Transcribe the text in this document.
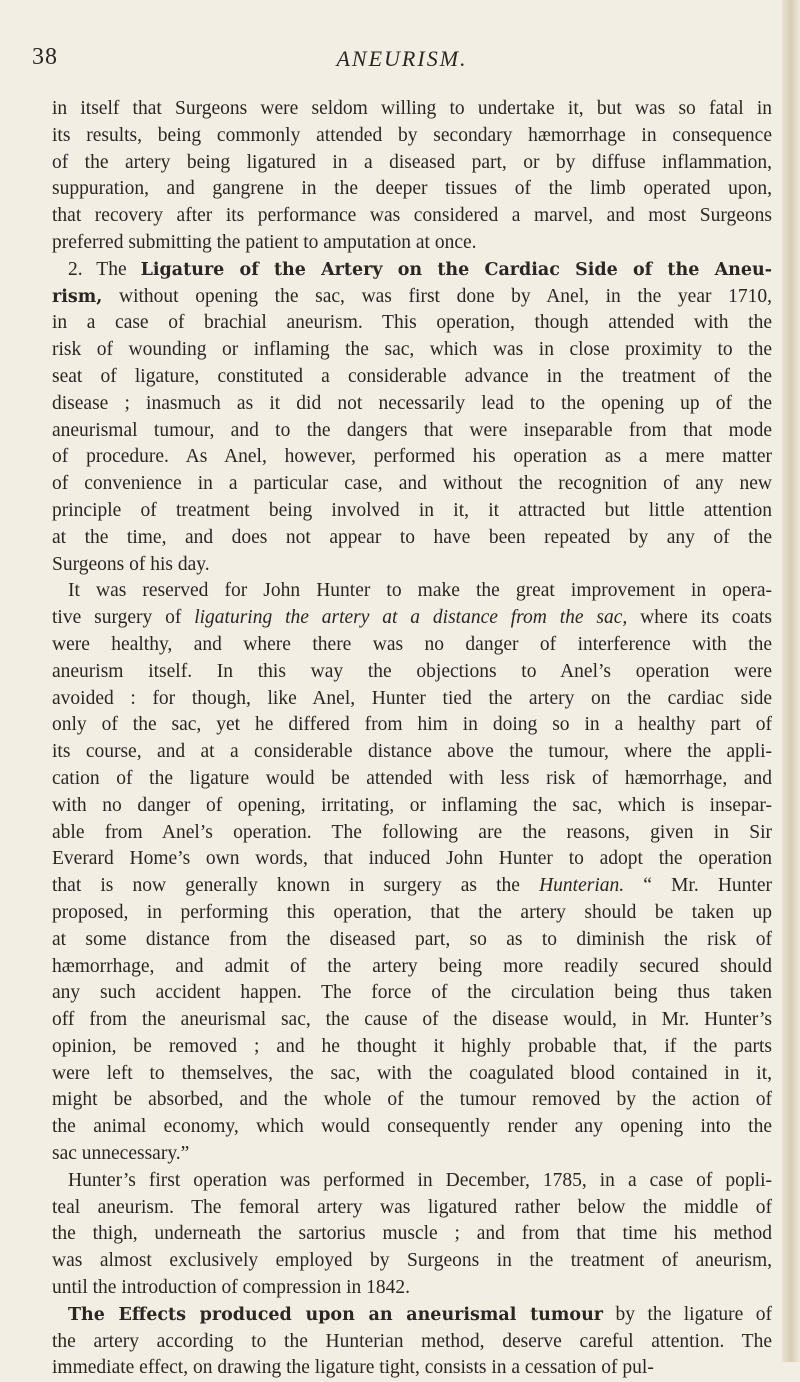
38	ANEURISM.
in itself that Surgeons were seldom willing to undertake it, but was so fatal in
its results, being commonly attended by secondary hæmorrhage in consequence
of the artery being ligatured in a diseased part, or by diffuse inflammation,
suppuration, and gangrene in the deeper tissues of the limb operated upon,
that recovery after its performance was considered a marvel, and most Surgeons
preferred submitting the patient to amputation at once.
2. The Ligature of the Artery on the Cardiac Side of the Aneu-
rism, without opening the sac, was first done by Anel, in the year 1710,
in a case of brachial aneurism. This operation, though attended with the
risk of wounding or inflaming the sac, which was in close proximity to the
seat of ligature, constituted a considerable advance in the treatment of the
disease ; inasmuch as it did not necessarily lead to the opening up of the
aneurismal tumour, and to the dangers that were inseparable from that mode
of procedure. As Anel, however, performed his operation as a mere matter
of convenience in a particular case, and without the recognition of any new
principle of treatment being involved in it, it attracted but little attention
at the time, and does not appear to have been repeated by any of the
Surgeons of his day.
It was reserved for John Hunter to make the great improvement in opera-
tive surgery of ligaturing the artery at a distance from the sac, where its coats
were healthy, and where there was no danger of interference with the
aneurism itself. In this way the objections to Anel’s operation were
avoided : for though, like Anel, Hunter tied the artery on the cardiac side
only of the sac, yet he differed from him in doing so in a healthy part of
its course, and at a considerable distance above the tumour, where the appli-
cation of the ligature would be attended with less risk of hæmorrhage, and
with no danger of opening, irritating, or inflaming the sac, which is insepar-
able from Anel’s operation. The following are the reasons, given in Sir
Everard Home’s own words, that induced John Hunter to adopt the operation
that is now generally known in surgery as the Hunterian. “ Mr. Hunter
proposed, in performing this operation, that the artery should be taken up
at some distance from the diseased part, so as to diminish the risk of
hæmorrhage, and admit of the artery being more readily secured should
any such accident happen. The force of the circulation being thus taken
off from the aneurismal sac, the cause of the disease would, in Mr. Hunter’s
opinion, be removed ; and he thought it highly probable that, if the parts
were left to themselves, the sac, with the coagulated blood contained in it,
might be absorbed, and the whole of the tumour removed by the action of
the animal economy, which would consequently render any opening into the
sac unnecessary.”
Hunter’s first operation was performed in December, 1785, in a case of popli-
teal aneurism. The femoral artery was ligatured rather below the middle of
the thigh, underneath the sartorius muscle ; and from that time his method
was almost exclusively employed by Surgeons in the treatment of aneurism,
until the introduction of compression in 1842.
The Effects produced upon an aneurismal tumour by the ligature of
the artery according to the Hunterian method, deserve careful attention. The
immediate effect, on drawing the ligature tight, consists in a cessation of pul-
